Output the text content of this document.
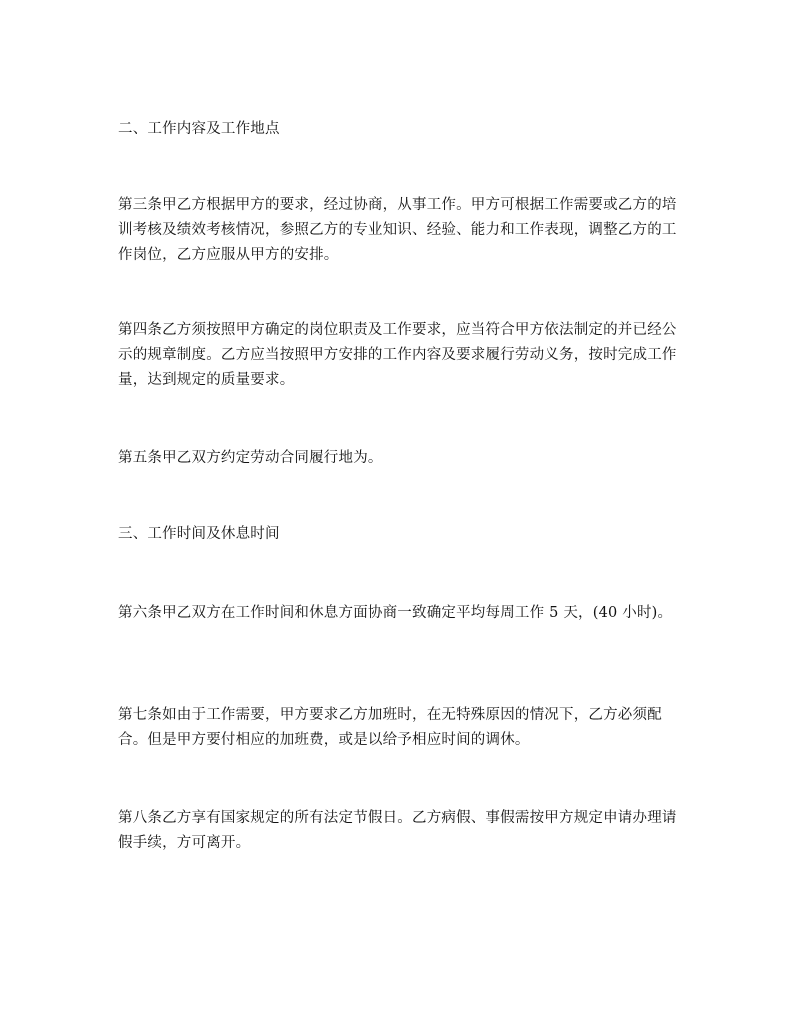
二、工作内容及工作地点

第三条甲乙方根据甲方的要求，经过协商，从事工作。甲方可根据工作需要或乙方的培训考核及绩效考核情况，参照乙方的专业知识、经验、能力和工作表现，调整乙方的工作岗位，乙方应服从甲方的安排。

第四条乙方须按照甲方确定的岗位职责及工作要求，应当符合甲方依法制定的并已经公示的规章制度。乙方应当按照甲方安排的工作内容及要求履行劳动义务，按时完成工作量，达到规定的质量要求。

第五条甲乙双方约定劳动合同履行地为。

三、工作时间及休息时间

第六条甲乙双方在工作时间和休息方面协商一致确定平均每周工作 5 天，(40 小时)。

第七条如由于工作需要，甲方要求乙方加班时，在无特殊原因的情况下，乙方必须配合。但是甲方要付相应的加班费，或是以给予相应时间的调休。

第八条乙方享有国家规定的所有法定节假日。乙方病假、事假需按甲方规定申请办理请假手续，方可离开。
